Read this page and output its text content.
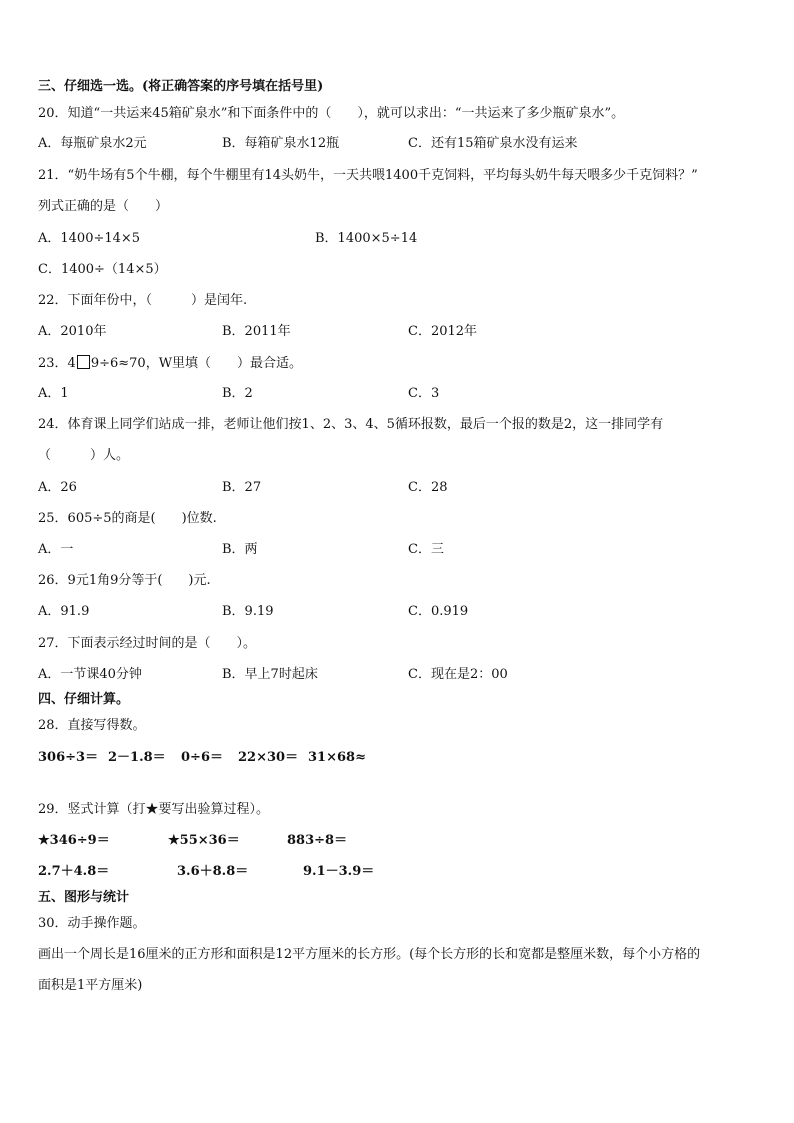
三、仔细选一选。(将正确答案的序号填在括号里)
20．知道“一共运来45箱矿泉水”和下面条件中的（　　），就可以求出：“一共运来了多少瓶矿泉水”。
A．每瓶矿泉水2元	B．每箱矿泉水12瓶	C．还有15箱矿泉水没有运来
21．“奶牛场有5个牛棚，每个牛棚里有14头奶牛，一天共喂1400千克饲料，平均每头奶牛每天喂多少千克饲料？”
列式正确的是（　　）
A．1400÷14×5	B．1400×5÷14
C．1400÷（14×5）
22．下面年份中，（　　　）是闰年.
A．2010年	B．2011年	C．2012年
23．4 9÷6≈70，W里填（　　）最合适。
A．1	B．2	C．3
24．体育课上同学们站成一排，老师让他们按1、2、3、4、5循环报数，最后一个报的数是2，这一排同学有
（　　　）人。
A．26	B．27	C．28
25．605÷5的商是(　　)位数.
A．一	B．两	C．三
26．9元1角9分等于(　　)元.
A．91.9	B．9.19	C．0.919
27．下面表示经过时间的是（　　）。
A．一节课40分钟	B．早上7时起床	C．现在是2：00
四、仔细计算。
28．直接写得数。
306÷3＝ 2－1.8＝ 0÷6＝ 22×30＝ 31×68≈
29．竖式计算（打★要写出验算过程）。
★346÷9＝	★55×36＝	883÷8＝
2.7＋4.8＝	3.6＋8.8＝	9.1－3.9＝
五、图形与统计
30．动手操作题。
画出一个周长是16厘米的正方形和面积是12平方厘米的长方形。(每个长方形的长和宽都是整厘米数，每个小方格的
面积是1平方厘米)
